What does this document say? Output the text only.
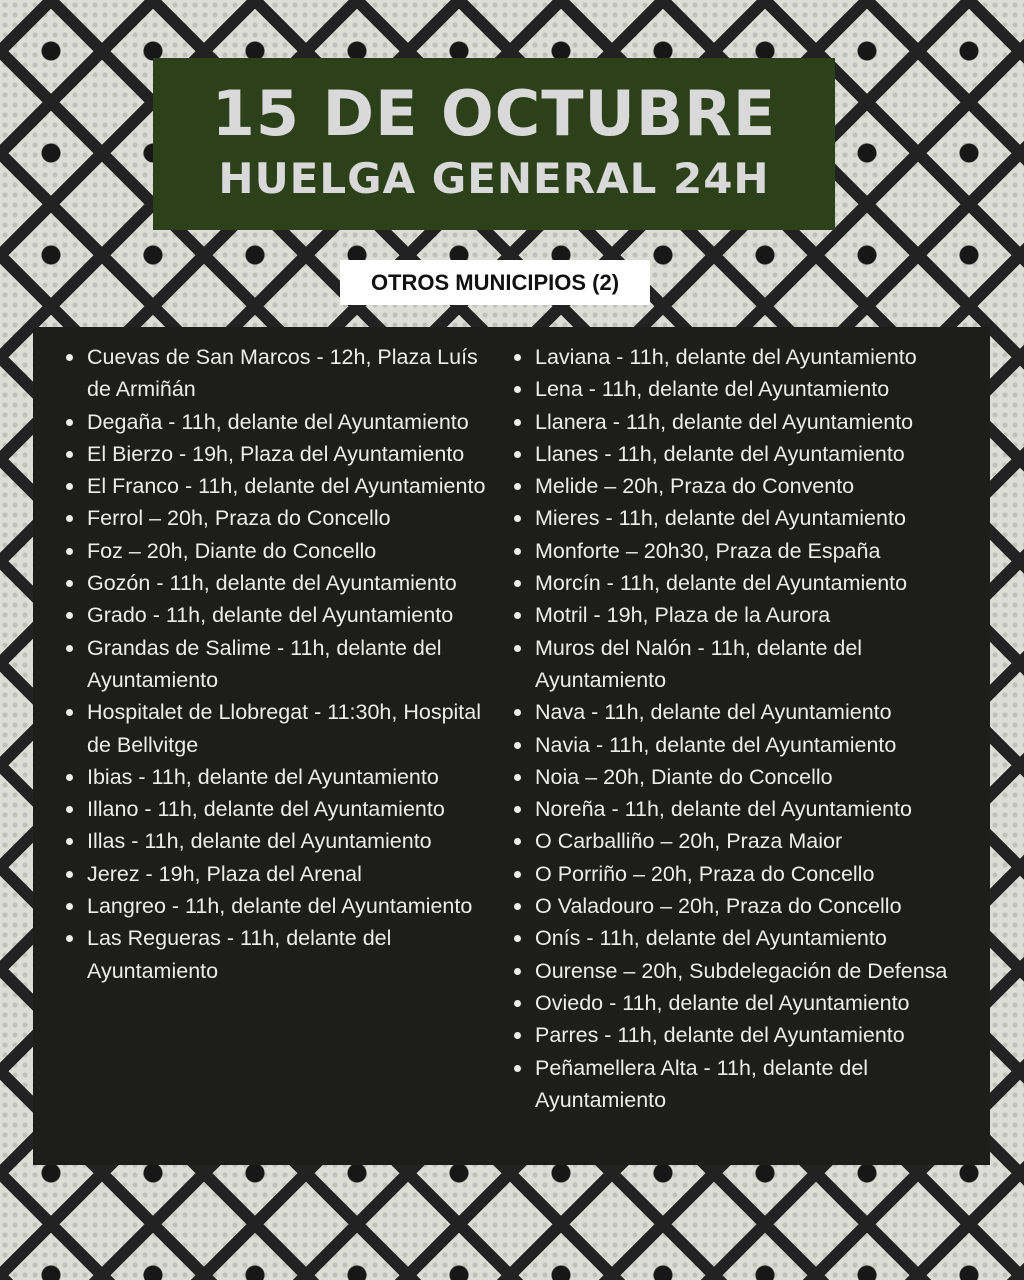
15 DE OCTUBRE
HUELGA GENERAL 24H
OTROS MUNICIPIOS (2)
Cuevas de San Marcos - 12h, Plaza Luís de Armiñán
Degaña - 11h, delante del Ayuntamiento
El Bierzo - 19h, Plaza del Ayuntamiento
El Franco - 11h, delante del Ayuntamiento
Ferrol – 20h, Praza do Concello
Foz – 20h, Diante do Concello
Gozón - 11h, delante del Ayuntamiento
Grado - 11h, delante del Ayuntamiento
Grandas de Salime - 11h, delante del Ayuntamiento
Hospitalet de Llobregat - 11:30h, Hospital de Bellvitge
Ibias - 11h, delante del Ayuntamiento
Illano - 11h, delante del Ayuntamiento
Illas - 11h, delante del Ayuntamiento
Jerez - 19h, Plaza del Arenal
Langreo - 11h, delante del Ayuntamiento
Las Regueras - 11h, delante del Ayuntamiento
Laviana - 11h, delante del Ayuntamiento
Lena - 11h, delante del Ayuntamiento
Llanera - 11h, delante del Ayuntamiento
Llanes - 11h, delante del Ayuntamiento
Melide – 20h, Praza do Convento
Mieres - 11h, delante del Ayuntamiento
Monforte – 20h30, Praza de España
Morcín - 11h, delante del Ayuntamiento
Motril - 19h, Plaza de la Aurora
Muros del Nalón - 11h, delante del Ayuntamiento
Nava - 11h, delante del Ayuntamiento
Navia - 11h, delante del Ayuntamiento
Noia – 20h, Diante do Concello
Noreña - 11h, delante del Ayuntamiento
O Carballiño – 20h, Praza Maior
O Porriño – 20h, Praza do Concello
O Valadouro – 20h, Praza do Concello
Onís - 11h, delante del Ayuntamiento
Ourense – 20h, Subdelegación de Defensa
Oviedo - 11h, delante del Ayuntamiento
Parres - 11h, delante del Ayuntamiento
Peñamellera Alta - 11h, delante del Ayuntamiento
